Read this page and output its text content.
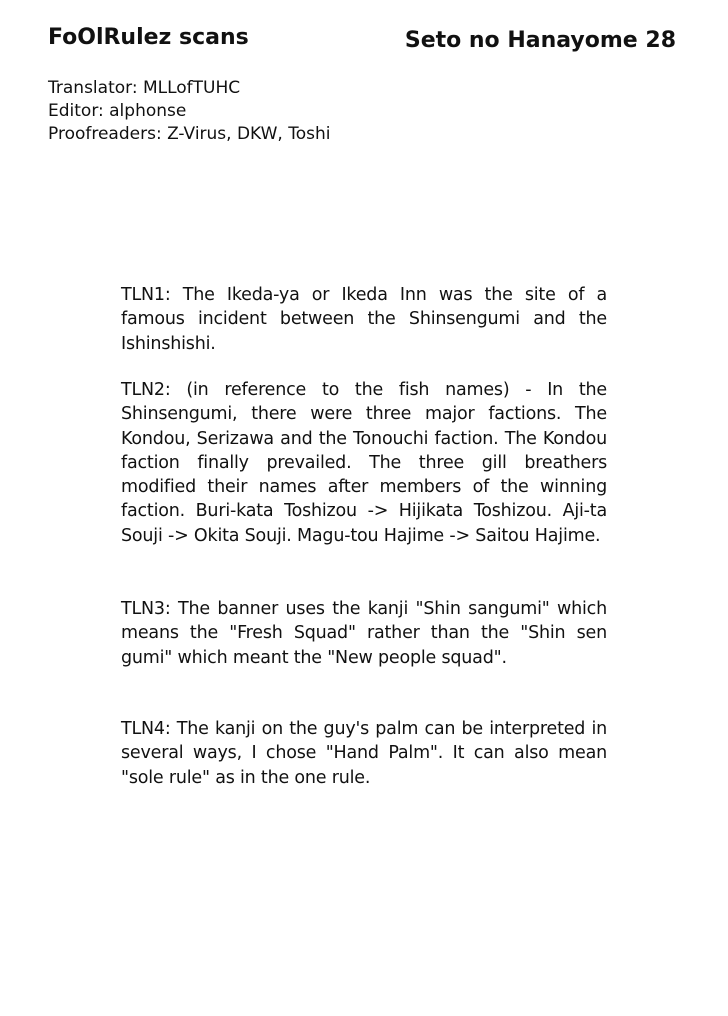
FoOlRulez scans	Seto no Hanayome 28
Translator: MLLofTUHC
Editor: alphonse
Proofreaders: Z-Virus, DKW, Toshi

TLN1: The Ikeda-ya or Ikeda Inn was the site of a famous incident between the Shinsengumi and the Ishinshishi.

TLN2: (in reference to the fish names) - In the Shinsengumi, there were three major factions. The Kondou, Serizawa and the Tonouchi faction. The Kondou faction finally prevailed. The three gill breathers modified their names after members of the winning faction. Buri-kata Toshizou -> Hijikata Toshizou. Aji-ta Souji -> Okita Souji. Magu-tou Hajime -> Saitou Hajime.

TLN3: The banner uses the kanji "Shin sangumi" which means the "Fresh Squad" rather than the "Shin sen gumi" which meant the "New people squad".

TLN4: The kanji on the guy's palm can be interpreted in several ways, I chose "Hand Palm". It can also mean "sole rule" as in the one rule.
